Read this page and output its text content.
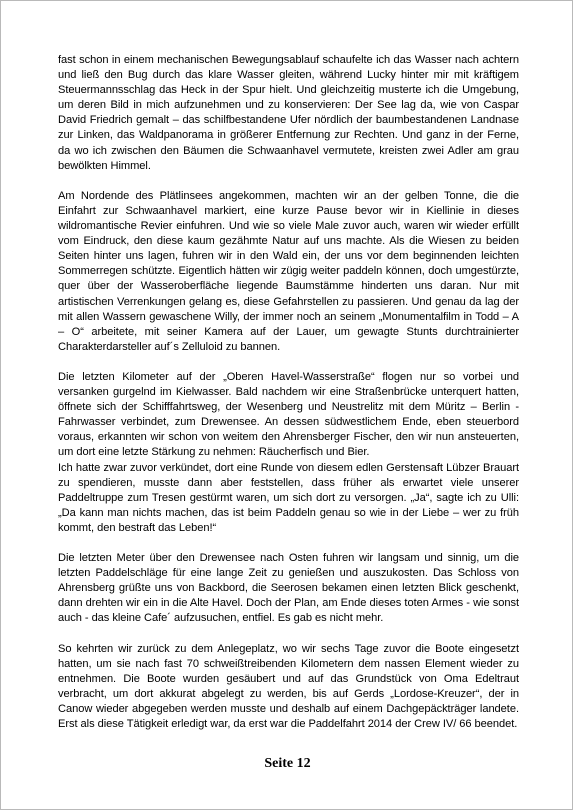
fast schon in einem mechanischen Bewegungsablauf schaufelte ich das Wasser nach achtern und ließ den Bug durch das klare Wasser gleiten, während Lucky hinter mir mit kräftigem Steuermannsschlag das Heck in der Spur hielt. Und gleichzeitig musterte ich die Umgebung, um deren Bild in mich aufzunehmen und zu konservieren: Der See lag da, wie von Caspar David Friedrich gemalt – das schilfbestandene Ufer nördlich der baumbestandenen Landnase zur Linken, das Waldpanorama in größerer Entfernung zur Rechten. Und ganz in der Ferne, da wo ich zwischen den Bäumen die Schwaanhavel vermutete, kreisten zwei Adler am grau bewölkten Himmel.

Am Nordende des Plätlinsees angekommen, machten wir an der gelben Tonne, die die Einfahrt zur Schwaanhavel markiert, eine kurze Pause bevor wir in Kiellinie in dieses wildromantische Revier einfuhren. Und wie so viele Male zuvor auch, waren wir wieder erfüllt vom Eindruck, den diese kaum gezähmte Natur auf uns machte. Als die Wiesen zu beiden Seiten hinter uns lagen, fuhren wir in den Wald ein, der uns vor dem beginnenden leichten Sommerregen schützte. Eigentlich hätten wir zügig weiter paddeln können, doch umgestürzte, quer über der Wasseroberfläche liegende Baumstämme hinderten uns daran. Nur mit artistischen Verrenkungen gelang es, diese Gefahrstellen zu passieren. Und genau da lag der mit allen Wassern gewaschene Willy, der immer noch an seinem „Monumentalfilm in Todd – A – O“ arbeitete, mit seiner Kamera auf der Lauer, um gewagte Stunts durchtrainierter Charakterdarsteller auf´s Zelluloid zu bannen.

Die letzten Kilometer auf der „Oberen Havel-Wasserstraße“ flogen nur so vorbei und versanken gurgelnd im Kielwasser. Bald nachdem wir eine Straßenbrücke unterquert hatten, öffnete sich der Schifffahrtsweg, der Wesenberg und Neustrelitz mit dem Müritz – Berlin - Fahrwasser verbindet, zum Drewensee. An dessen südwestlichem Ende, eben steuerbord voraus, erkannten wir schon von weitem den Ahrensberger Fischer, den wir nun ansteuerten, um dort eine letzte Stärkung zu nehmen: Räucherfisch und Bier.

Ich hatte zwar zuvor verkündet, dort eine Runde von diesem edlen Gerstensaft Lübzer Brauart zu spendieren, musste dann aber feststellen, dass früher als erwartet viele unserer Paddeltruppe zum Tresen gestürmt waren, um sich dort zu versorgen. „Ja“, sagte ich zu Ulli: „Da kann man nichts machen, das ist beim Paddeln genau so wie in der Liebe – wer zu früh kommt, den bestraft das Leben!“

Die letzten Meter über den Drewensee nach Osten fuhren wir langsam und sinnig, um die letzten Paddelschläge für eine lange Zeit zu genießen und auszukosten. Das Schloss von Ahrensberg grüßte uns von Backbord, die Seerosen bekamen einen letzten Blick geschenkt, dann drehten wir ein in die Alte Havel. Doch der Plan, am Ende dieses toten Armes - wie sonst auch - das kleine Cafe´ aufzusuchen, entfiel. Es gab es nicht mehr.

So kehrten wir zurück zu dem Anlegeplatz, wo wir sechs Tage zuvor die Boote eingesetzt hatten, um sie nach fast 70 schweißtreibenden Kilometern dem nassen Element wieder zu entnehmen. Die Boote wurden gesäubert und auf das Grundstück von Oma Edeltraut verbracht, um dort akkurat abgelegt zu werden, bis auf Gerds „Lordose-Kreuzer“, der in Canow wieder abgegeben werden musste und deshalb auf einem Dachgepäckträger landete. Erst als diese Tätigkeit erledigt war, da erst war die Paddelfahrt 2014 der Crew IV/ 66 beendet.

Seite 12
